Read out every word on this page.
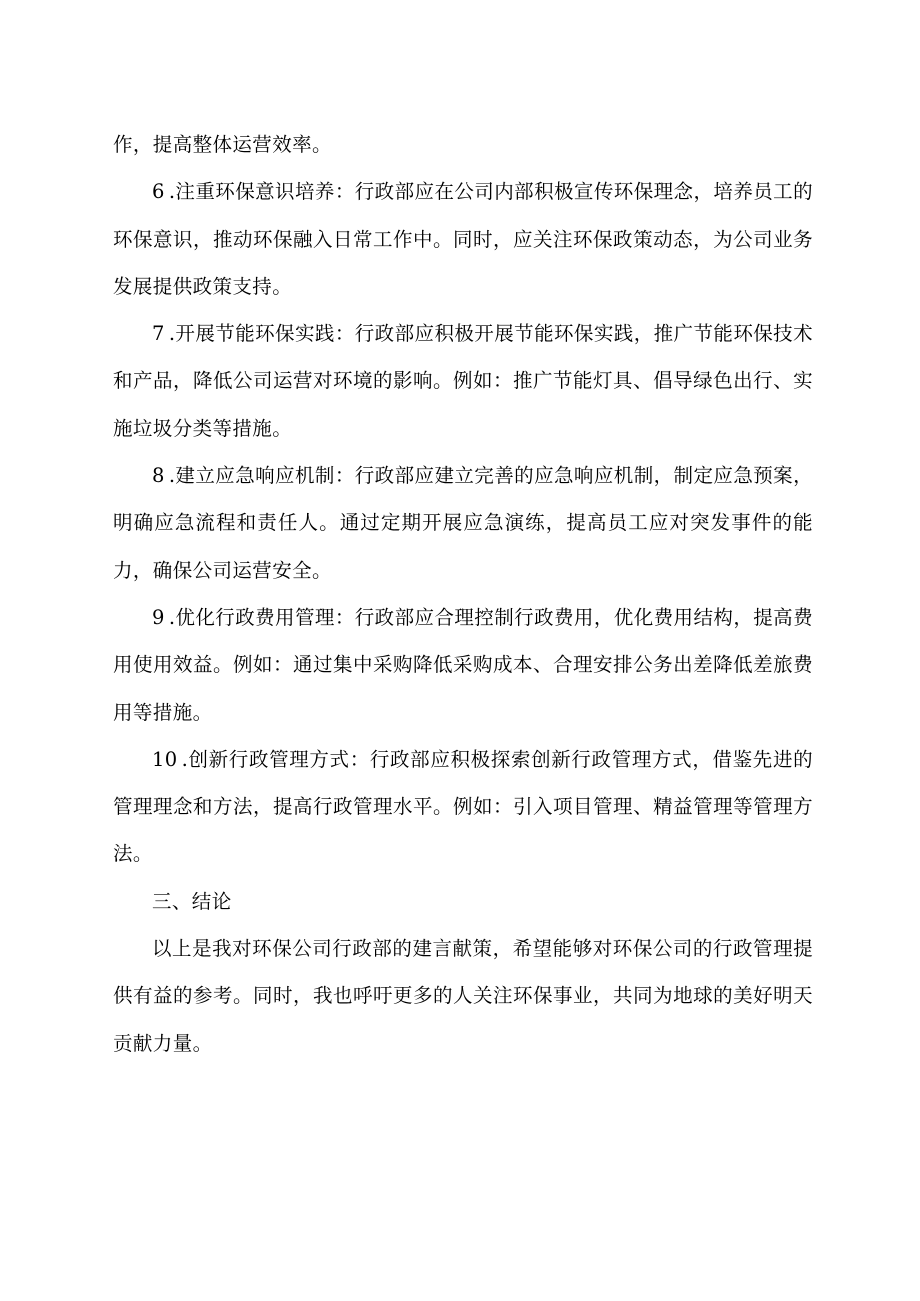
作，提高整体运营效率。

6 .注重环保意识培养：行政部应在公司内部积极宣传环保理念，培养员工的环保意识，推动环保融入日常工作中。同时，应关注环保政策动态，为公司业务发展提供政策支持。

7 .开展节能环保实践：行政部应积极开展节能环保实践，推广节能环保技术和产品，降低公司运营对环境的影响。例如：推广节能灯具、倡导绿色出行、实施垃圾分类等措施。

8 .建立应急响应机制：行政部应建立完善的应急响应机制，制定应急预案，明确应急流程和责任人。通过定期开展应急演练，提高员工应对突发事件的能力，确保公司运营安全。

9 .优化行政费用管理：行政部应合理控制行政费用，优化费用结构，提高费用使用效益。例如：通过集中采购降低采购成本、合理安排公务出差降低差旅费用等措施。

10 .创新行政管理方式：行政部应积极探索创新行政管理方式，借鉴先进的管理理念和方法，提高行政管理水平。例如：引入项目管理、精益管理等管理方法。

三、结论

以上是我对环保公司行政部的建言献策，希望能够对环保公司的行政管理提供有益的参考。同时，我也呼吁更多的人关注环保事业，共同为地球的美好明天贡献力量。
